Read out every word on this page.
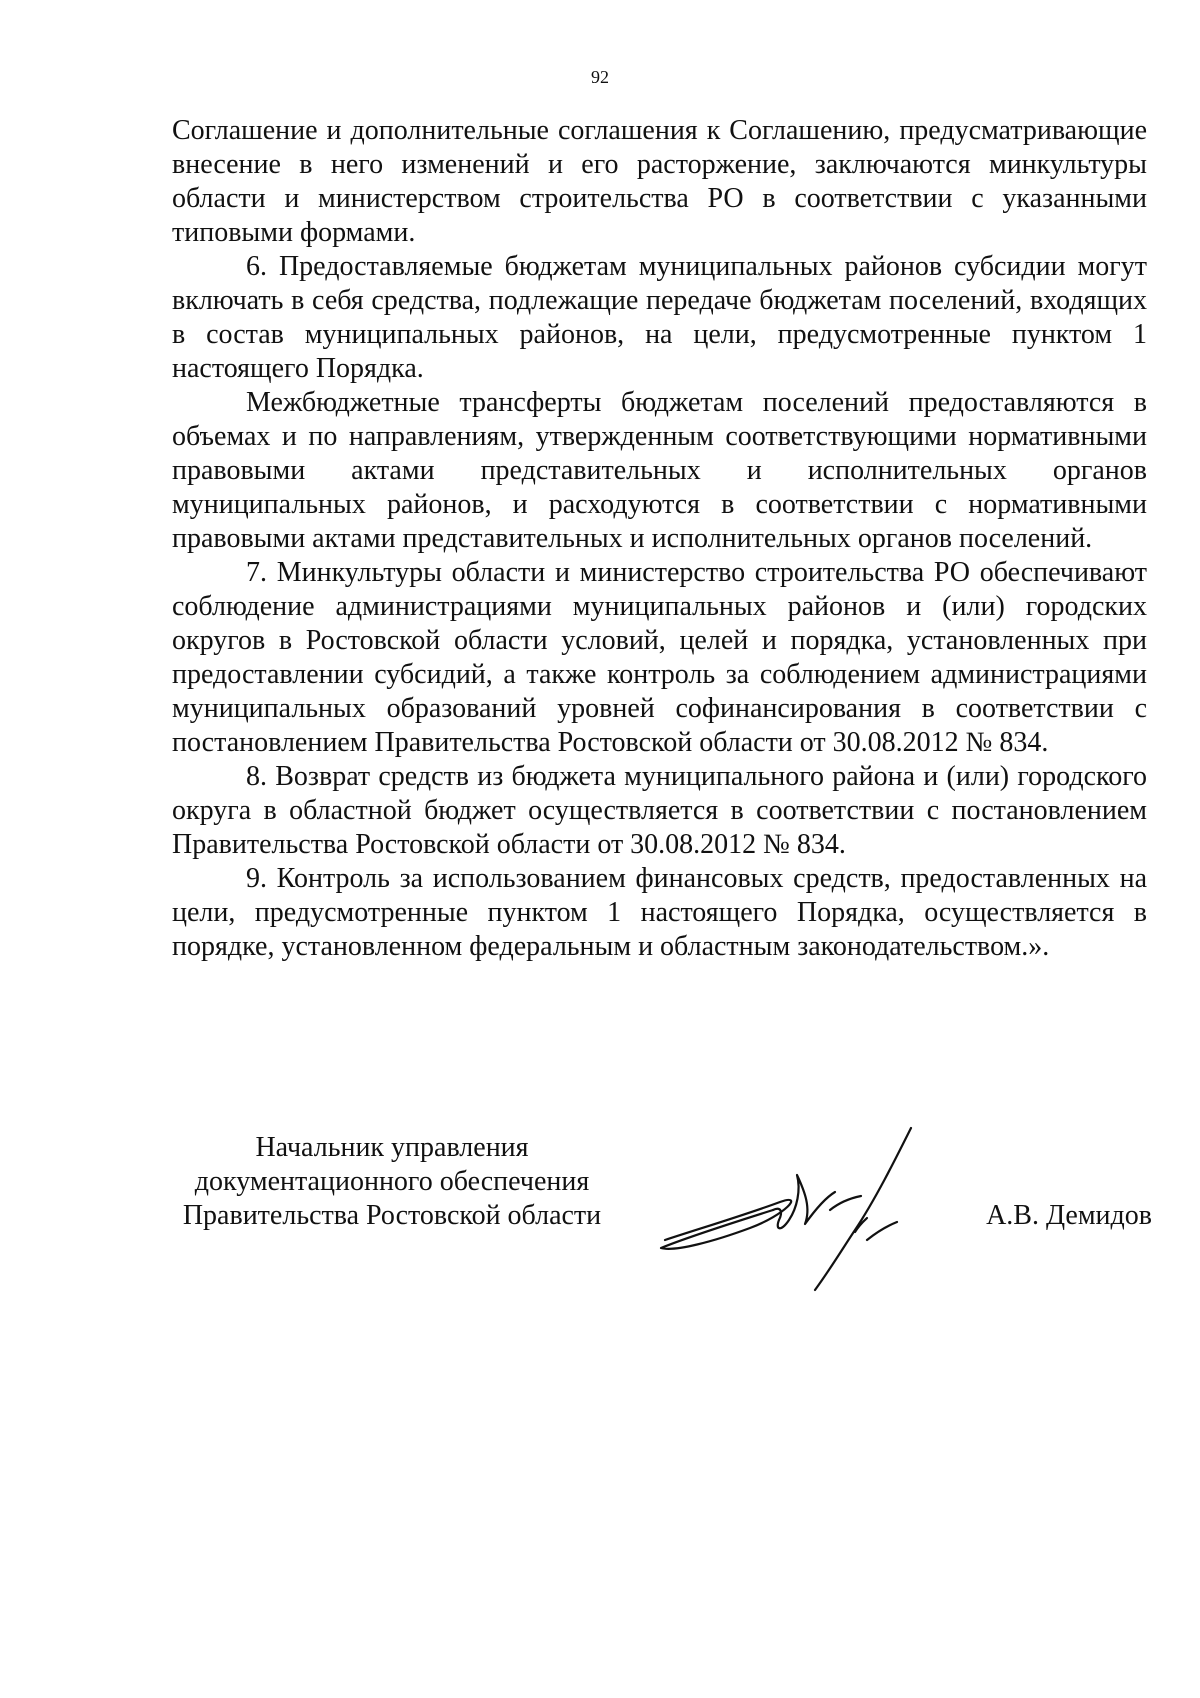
92

Соглашение и дополнительные соглашения к Соглашению, предусматривающие внесение в него изменений и его расторжение, заключаются минкультуры области и министерством строительства РО в соответствии с указанными типовыми формами.

6. Предоставляемые бюджетам муниципальных районов субсидии могут включать в себя средства, подлежащие передаче бюджетам поселений, входящих в состав муниципальных районов, на цели, предусмотренные пунктом 1 настоящего Порядка.

Межбюджетные трансферты бюджетам поселений предоставляются в объемах и по направлениям, утвержденным соответствующими нормативными правовыми актами представительных и исполнительных органов муниципальных районов, и расходуются в соответствии с нормативными правовыми актами представительных и исполнительных органов поселений.

7. Минкультуры области и министерство строительства РО обеспечивают соблюдение администрациями муниципальных районов и (или) городских округов в Ростовской области условий, целей и порядка, установленных при предоставлении субсидий, а также контроль за соблюдением администрациями муниципальных образований уровней софинансирования в соответствии с постановлением Правительства Ростовской области от 30.08.2012 № 834.

8. Возврат средств из бюджета муниципального района и (или) городского округа в областной бюджет осуществляется в соответствии с постановлением Правительства Ростовской области от 30.08.2012 № 834.

9. Контроль за использованием финансовых средств, предоставленных на цели, предусмотренные пунктом 1 настоящего Порядка, осуществляется в порядке, установленном федеральным и областным законодательством.».

Начальник управления
документационного обеспечения
Правительства Ростовской области	А.В. Демидов
